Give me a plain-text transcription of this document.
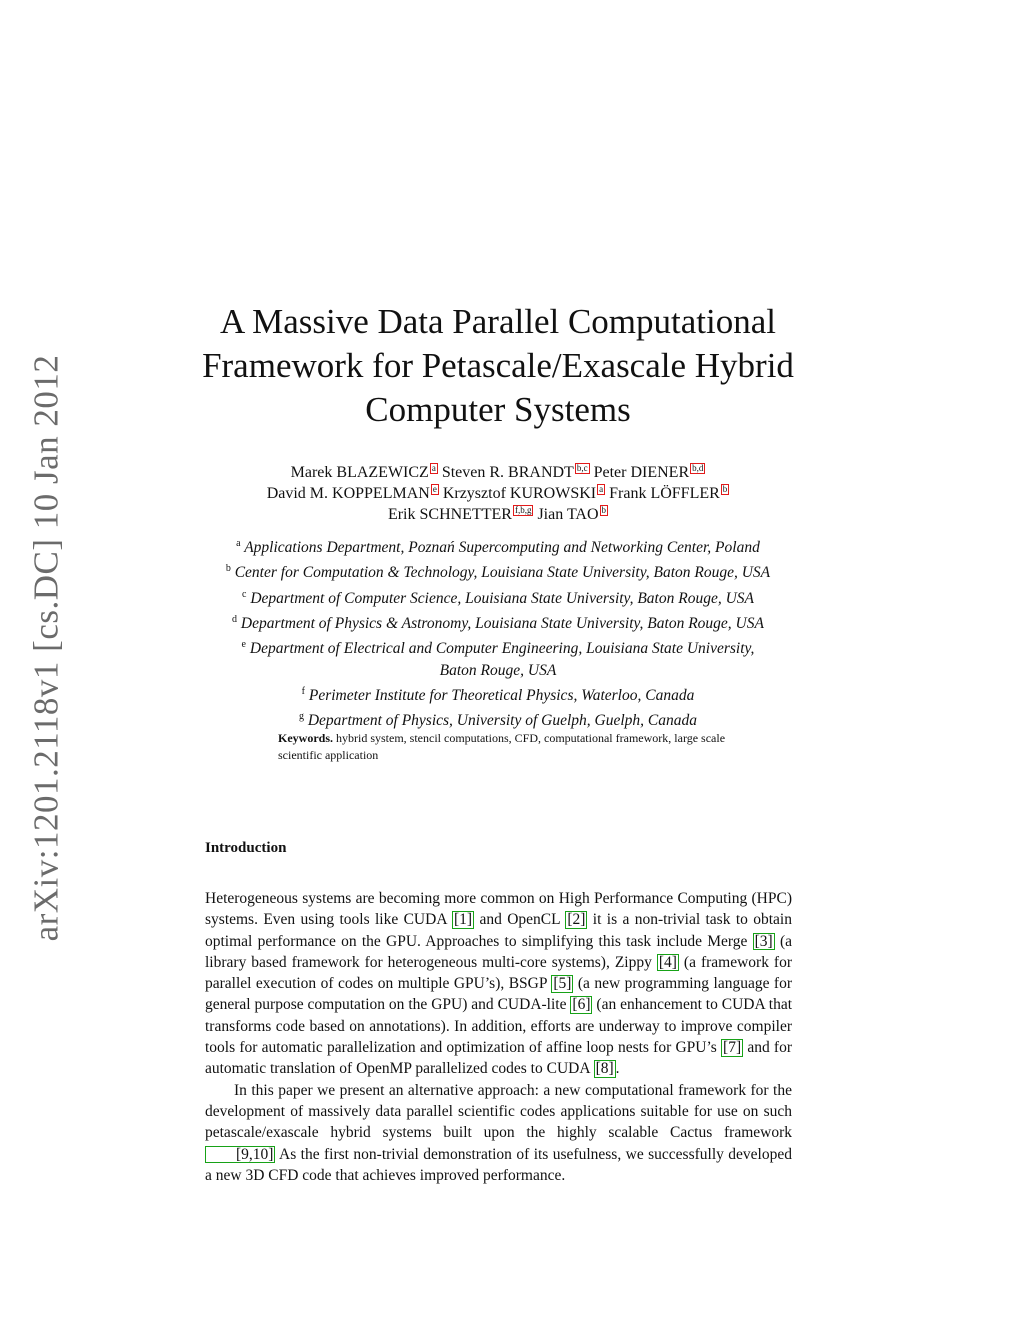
arXiv:1201.2118v1 [cs.DC] 10 Jan 2012
A Massive Data Parallel Computational
Framework for Petascale/Exascale Hybrid
Computer Systems
Marek BLAZEWICZ a Steven R. BRANDT b,c Peter DIENER b,d
David M. KOPPELMAN e Krzysztof KUROWSKI a Frank LÖFFLER b
Erik SCHNETTER f,b,g Jian TAO b
$^a$ Applications Department, Poznań Supercomputing and Networking Center, Poland
$^b$ Center for Computation & Technology, Louisiana State University, Baton Rouge, USA
$^c$ Department of Computer Science, Louisiana State University, Baton Rouge, USA
$^d$ Department of Physics & Astronomy, Louisiana State University, Baton Rouge, USA
$^e$ Department of Electrical and Computer Engineering, Louisiana State University, Baton Rouge, USA
$^f$ Perimeter Institute for Theoretical Physics, Waterloo, Canada
$^g$ Department of Physics, University of Guelph, Guelph, Canada
Keywords. hybrid system, stencil computations, CFD, computational framework, large scale scientific application
Introduction

Heterogeneous systems are becoming more common on High Performance Computing (HPC) systems. Even using tools like CUDA [1] and OpenCL [2] it is a non-trivial task to obtain optimal performance on the GPU. Approaches to simplifying this task include Merge [3] (a library based framework for heterogeneous multi-core systems), Zippy [4] (a framework for parallel execution of codes on multiple GPU’s), BSGP [5] (a new programming language for general purpose computation on the GPU) and CUDA-lite [6] (an enhancement to CUDA that transforms code based on annotations). In addition, efforts are underway to improve compiler tools for automatic parallelization and optimization of affine loop nests for GPU’s [7] and for automatic translation of OpenMP parallelized codes to CUDA [8] .

In this paper we present an alternative approach: a new computational framework for the development of massively data parallel scientific codes applications suitable for use on such petascale/exascale hybrid systems built upon the highly scalable Cactus framework [9,10] As the first non-trivial demonstration of its usefulness, we successfully developed a new 3D CFD code that achieves improved performance.
